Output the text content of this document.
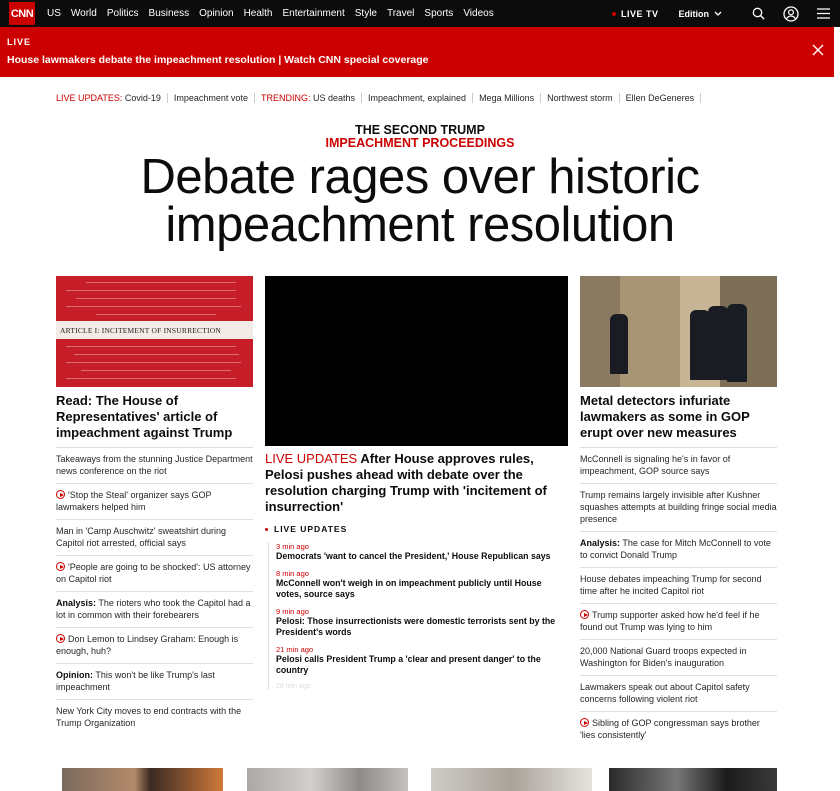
CNN US World Politics Business Opinion Health Entertainment Style Travel Sports Videos	LIVE TV Edition
LIVE
House lawmakers debate the impeachment resolution | Watch CNN special coverage
LIVE UPDATES: Covid-19	Impeachment vote	TRENDING: US deaths	Impeachment, explained	Mega Millions	Northwest storm	Ellen DeGeneres
THE SECOND TRUMP
IMPEACHMENT PROCEEDINGS
Debate rages over historic
impeachment resolution
ARTICLE I: INCITEMENT OF INSURRECTION
Read: The House of Representatives' article of impeachment against Trump
Takeaways from the stunning Justice Department news conference on the riot
'Stop the Steal' organizer says GOP lawmakers helped him
Man in 'Camp Auschwitz' sweatshirt during Capitol riot arrested, official says
'People are going to be shocked': US attorney on Capitol riot
Analysis: The rioters who took the Capitol had a lot in common with their forebearers
Don Lemon to Lindsey Graham: Enough is enough, huh?
Opinion: This won't be like Trump's last impeachment
New York City moves to end contracts with the Trump Organization
LIVE UPDATES After House approves rules, Pelosi pushes ahead with debate over the resolution charging Trump with 'incitement of insurrection'
LIVE UPDATES
3 min ago
Democrats 'want to cancel the President,' House Republican says
8 min ago
McConnell won't weigh in on impeachment publicly until House votes, source says
9 min ago
Pelosi: Those insurrectionists were domestic terrorists sent by the President's words
21 min ago
Pelosi calls President Trump a 'clear and present danger' to the country
28 min ago
Metal detectors infuriate lawmakers as some in GOP erupt over new measures
McConnell is signaling he's in favor of impeachment, GOP source says
Trump remains largely invisible after Kushner squashes attempts at building fringe social media presence
Analysis: The case for Mitch McConnell to vote to convict Donald Trump
House debates impeaching Trump for second time after he incited Capitol riot
Trump supporter asked how he'd feel if he found out Trump was lying to him
20,000 National Guard troops expected in Washington for Biden's inauguration
Lawmakers speak out about Capitol safety concerns following violent riot
Sibling of GOP congressman says brother 'lies consistently'
